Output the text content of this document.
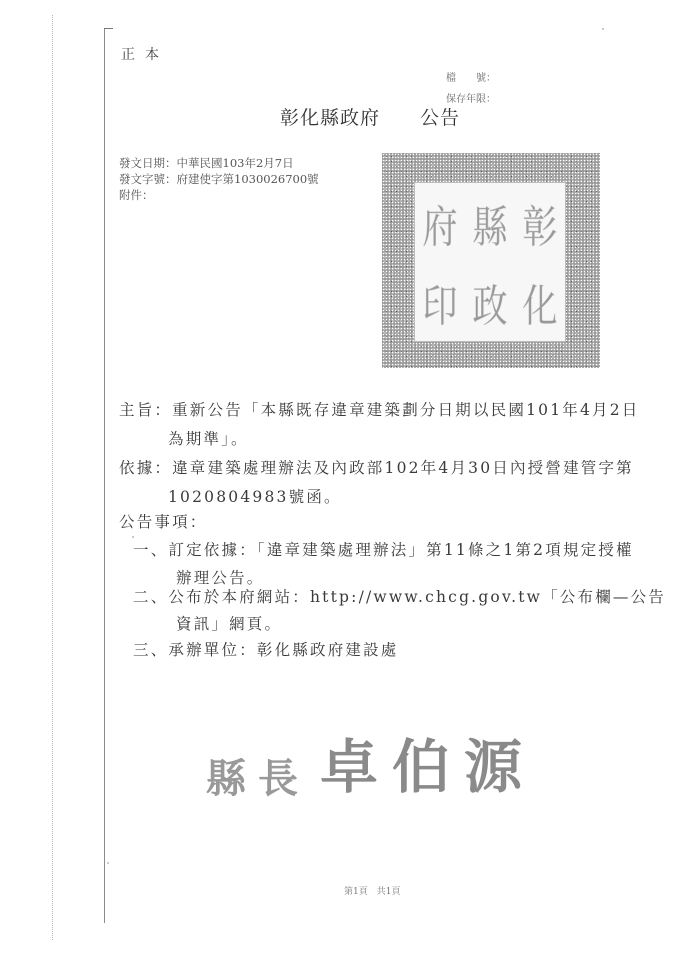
正本
檔　　號：
保存年限：
彰化縣政府　　公告
發文日期：中華民國103年2月7日
發文字號：府建使字第1030026700號
附件：
彰
縣
府
化
政
印
主旨：重新公告「本縣既存違章建築劃分日期以民國101年4月2日
為期準」。
依據：違章建築處理辦法及內政部102年4月30日內授營建管字第
1020804983號函。
公告事項：
一、訂定依據：「違章建築處理辦法」第11條之1第2項規定授權
辦理公告。
二、公布於本府網站：http://www.chcg.gov.tw「公布欄—公告
資訊」網頁。
三、承辦單位：彰化縣政府建設處
縣長 卓伯源
第1頁　共1頁
